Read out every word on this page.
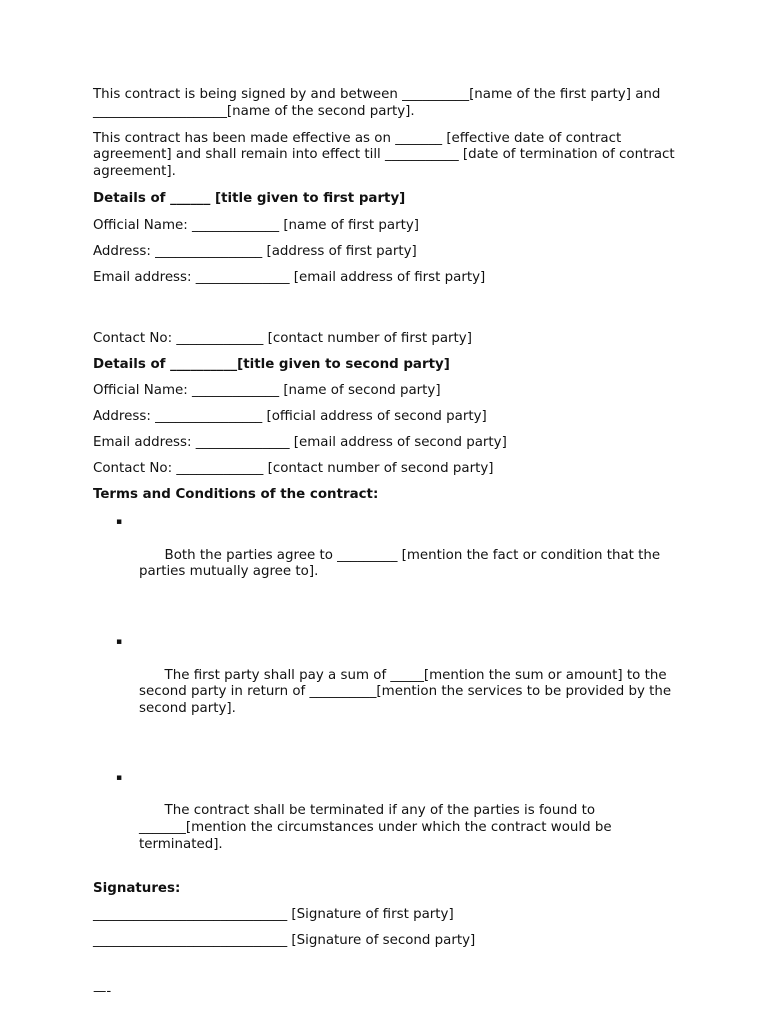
This contract is being signed by and between __________[name of the first party] and ____________________[name of the second party].

This contract has been made effective as on _______ [effective date of contract agreement] and shall remain into effect till ___________ [date of termination of contract agreement].

Details of ______ [title given to first party]

Official Name: _____________ [name of first party]

Address: ________________ [address of first party]

Email address: ______________ [email address of first party]

Contact No: _____________ [contact number of first party]

Details of __________[title given to second party]

Official Name: _____________ [name of second party]

Address: ________________ [official address of second party]

Email address: ______________ [email address of second party]

Contact No: _____________ [contact number of second party]

Terms and Conditions of the contract:

▪

Both the parties agree to _________ [mention the fact or condition that the parties mutually agree to].

▪

The first party shall pay a sum of _____[mention the sum or amount] to the second party in return of __________[mention the services to be provided by the second party].

▪

The contract shall be terminated if any of the parties is found to _______[mention the circumstances under which the contract would be terminated].

Signatures:

_____________________________ [Signature of first party]

_____________________________ [Signature of second party]

—-
